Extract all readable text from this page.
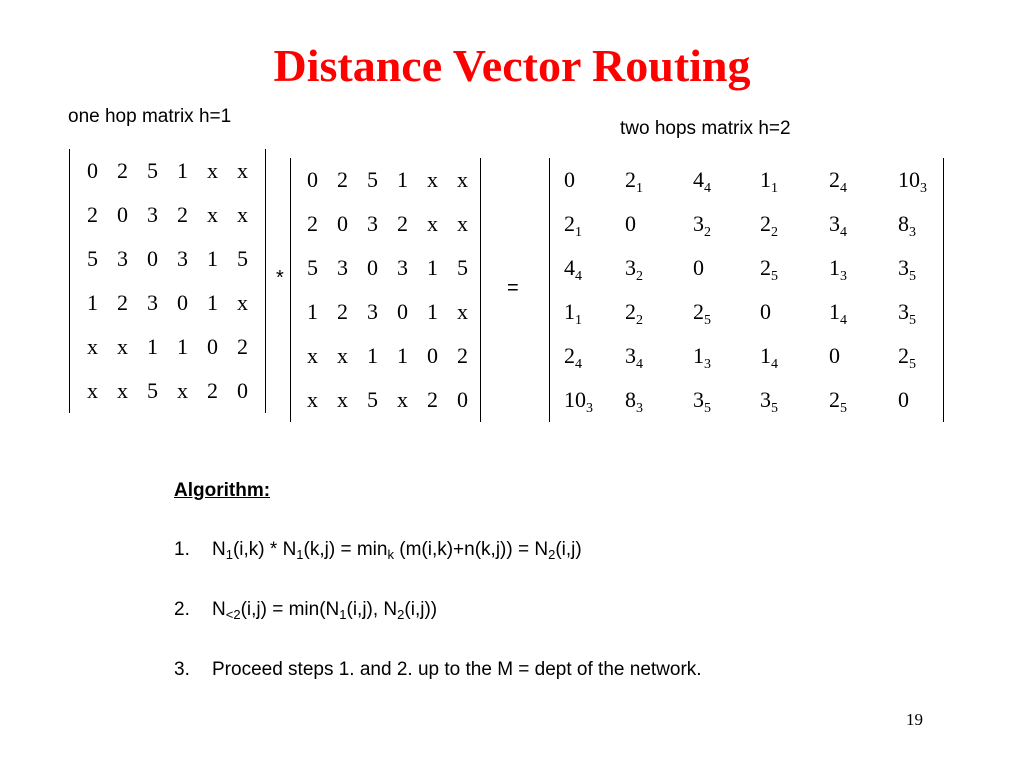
Distance Vector Routing
one hop matrix h=1
two hops matrix h=2
0 2 5 1 x x
2 0 3 2 x x
5 3 0 3 1 5
1 2 3 0 1 x
x x 1 1 0 2
x x 5 x 2 0
*
0 2 5 1 x x
2 0 3 2 x x
5 3 0 3 1 5
1 2 3 0 1 x
x x 1 1 0 2
x x 5 x 2 0
=
0 $2_1$ $4_4$ $1_1$ $2_4$ $10_3$
$2_1$ 0	$3_2$ $2_2$ $3_4$ $8_3$
$4_4$ $3_2$ 0	$2_5$ $1_3$ $3_5$
$1_1$ $2_2$ $2_5$ 0	$1_4$ $3_5$
$2_4$ $3_4$ $1_3$ $1_4$ 0	$2_5$
$10_3$ $8_3$ $3_5$ $3_5$ $2_5$ 0
Algorithm:
1. $N_1(i,k) * N_1(k,j) = \min_k (m(i,k)+n(k,j)) = N_2(i,j)$
2. $N_{<2}(i,j) = \min(N_1(i,j)$, $N_2(i,j)$)
3. Proceed steps 1. and 2. up to the M = dept of the network.
19
